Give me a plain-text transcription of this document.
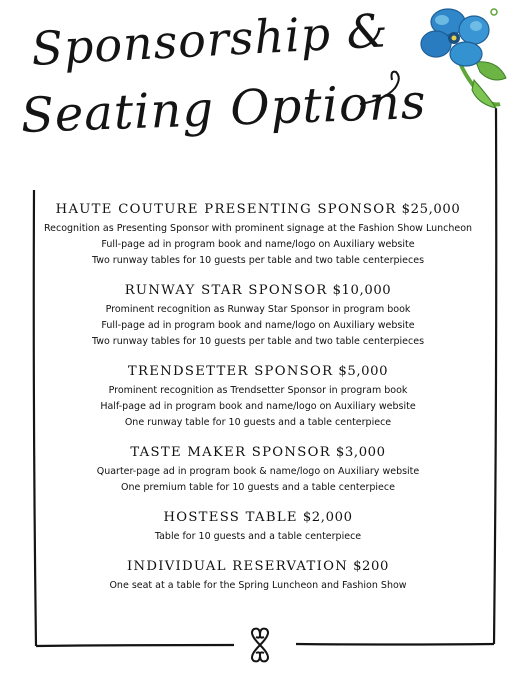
Sponsorship &
Seating Options

HAUTE COUTURE PRESENTING SPONSOR $25,000

Recognition as Presenting Sponsor with prominent signage at the Fashion Show Luncheon

Full-page ad in program book and name/logo on Auxiliary website

Two runway tables for 10 guests per table and two table centerpieces

RUNWAY STAR SPONSOR $10,000

Prominent recognition as Runway Star Sponsor in program book

Full-page ad in program book and name/logo on Auxiliary website

Two runway tables for 10 guests per table and two table centerpieces

TRENDSETTER SPONSOR $5,000

Prominent recognition as Trendsetter Sponsor in program book

Half-page ad in program book and name/logo on Auxiliary website

One runway table for 10 guests and a table centerpiece

TASTE MAKER SPONSOR $3,000

Quarter-page ad in program book & name/logo on Auxiliary website

One premium table for 10 guests and a table centerpiece

HOSTESS TABLE $2,000

Table for 10 guests and a table centerpiece

INDIVIDUAL RESERVATION $200

One seat at a table for the Spring Luncheon and Fashion Show
